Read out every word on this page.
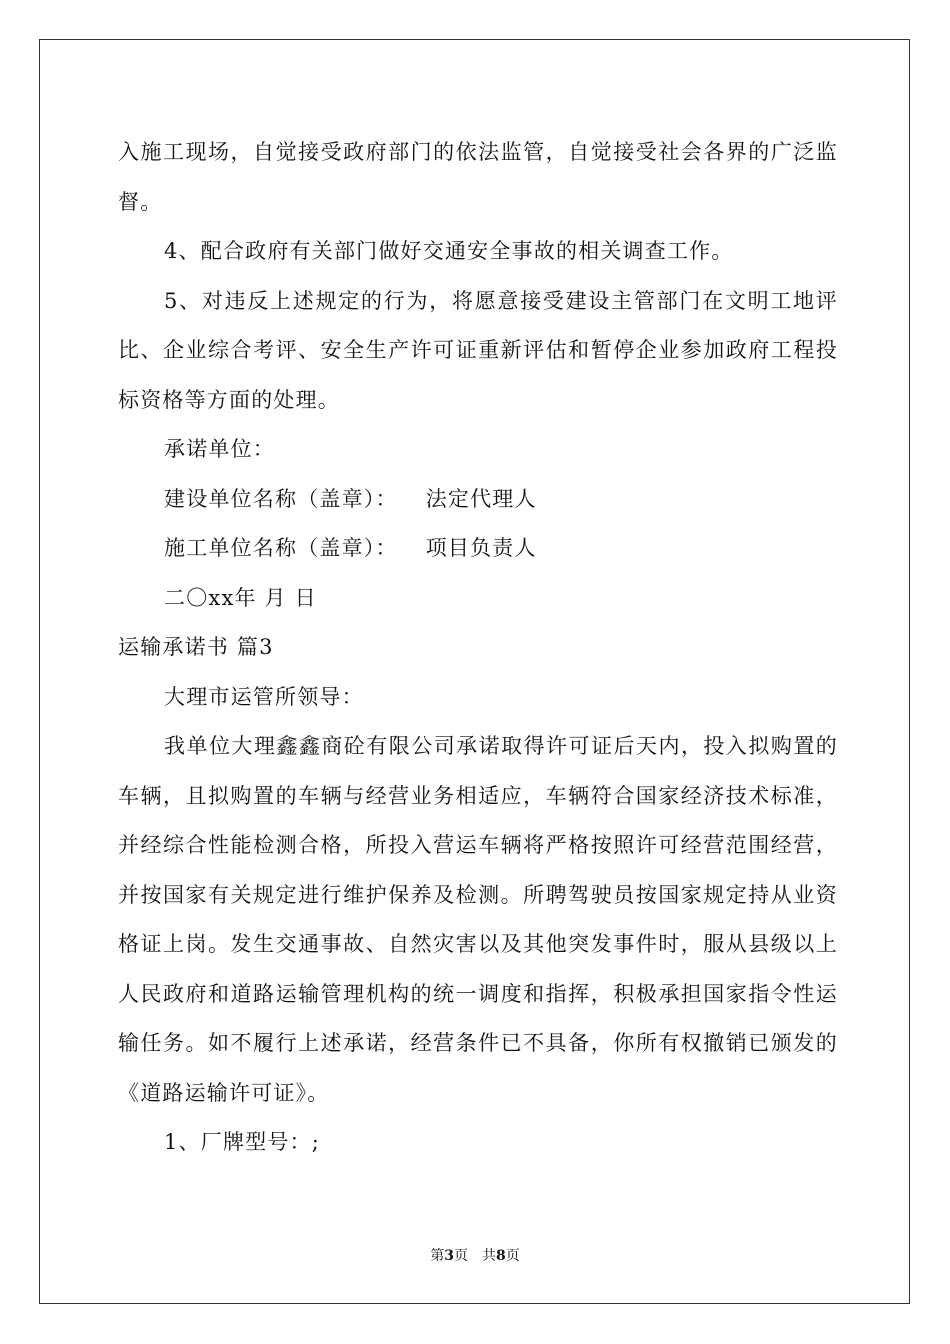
入施工现场，自觉接受政府部门的依法监管，自觉接受社会各界的广泛监督。

4、配合政府有关部门做好交通安全事故的相关调查工作。

5、对违反上述规定的行为，将愿意接受建设主管部门在文明工地评比、企业综合考评、安全生产许可证重新评估和暂停企业参加政府工程投标资格等方面的处理。

承诺单位：

建设单位名称（盖章）： 法定代理人

施工单位名称（盖章）： 项目负责人

二〇xx年 月 日

运输承诺书 篇3

大理市运管所领导：

我单位大理鑫鑫商砼有限公司承诺取得许可证后天内，投入拟购置的车辆，且拟购置的车辆与经营业务相适应，车辆符合国家经济技术标准，并经综合性能检测合格，所投入营运车辆将严格按照许可经营范围经营，并按国家有关规定进行维护保养及检测。所聘驾驶员按国家规定持从业资格证上岗。发生交通事故、自然灾害以及其他突发事件时，服从县级以上人民政府和道路运输管理机构的统一调度和指挥，积极承担国家指令性运输任务。如不履行上述承诺，经营条件已不具备，你所有权撤销已颁发的《道路运输许可证》。

1、厂牌型号：;

第3页 共8页
